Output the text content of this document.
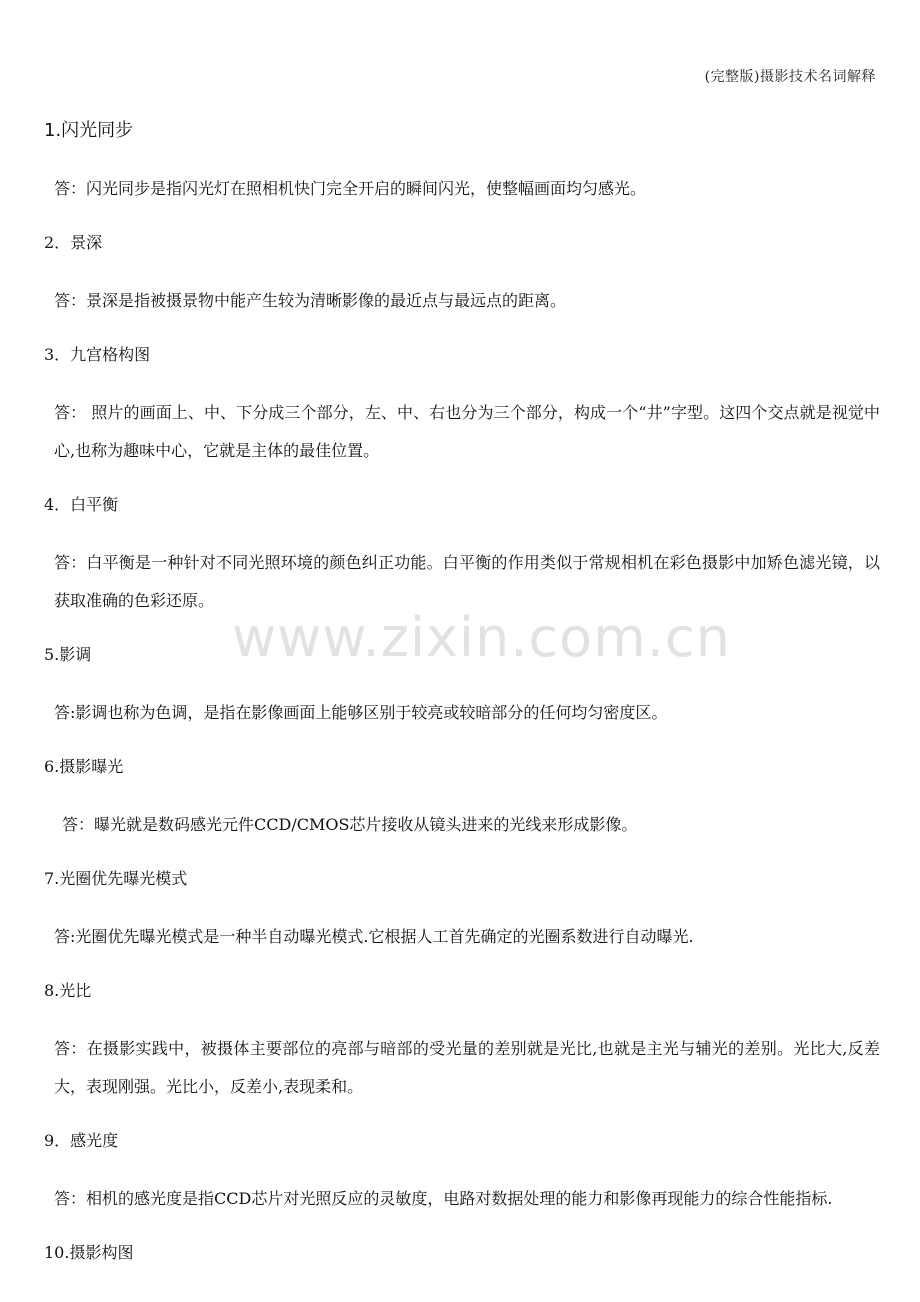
(完整版)摄影技术名词解释

1.闪光同步

答：闪光同步是指闪光灯在照相机快门完全开启的瞬间闪光，使整幅画面均匀感光。

2．景深

答：景深是指被摄景物中能产生较为清晰影像的最近点与最远点的距离。

3．九宫格构图

答： 照片的画面上、中、下分成三个部分，左、中、右也分为三个部分，构成一个“井”字型。这四个交点就是视觉中心,也称为趣味中心，它就是主体的最佳位置。

4．白平衡

答：白平衡是一种针对不同光照环境的颜色纠正功能。白平衡的作用类似于常规相机在彩色摄影中加矫色滤光镜，以获取准确的色彩还原。

5.影调

答:影调也称为色调，是指在影像画面上能够区别于较亮或较暗部分的任何均匀密度区。

6.摄影曝光

答：曝光就是数码感光元件CCD/CMOS芯片接收从镜头进来的光线来形成影像。

7.光圈优先曝光模式

答:光圈优先曝光模式是一种半自动曝光模式.它根据人工首先确定的光圈系数进行自动曝光.

8.光比

答：在摄影实践中，被摄体主要部位的亮部与暗部的受光量的差别就是光比,也就是主光与辅光的差别。光比大,反差大，表现刚强。光比小，反差小,表现柔和。

9．感光度

答：相机的感光度是指CCD芯片对光照反应的灵敏度，电路对数据处理的能力和影像再现能力的综合性能指标.

10.摄影构图

www.zixin.com.cn
